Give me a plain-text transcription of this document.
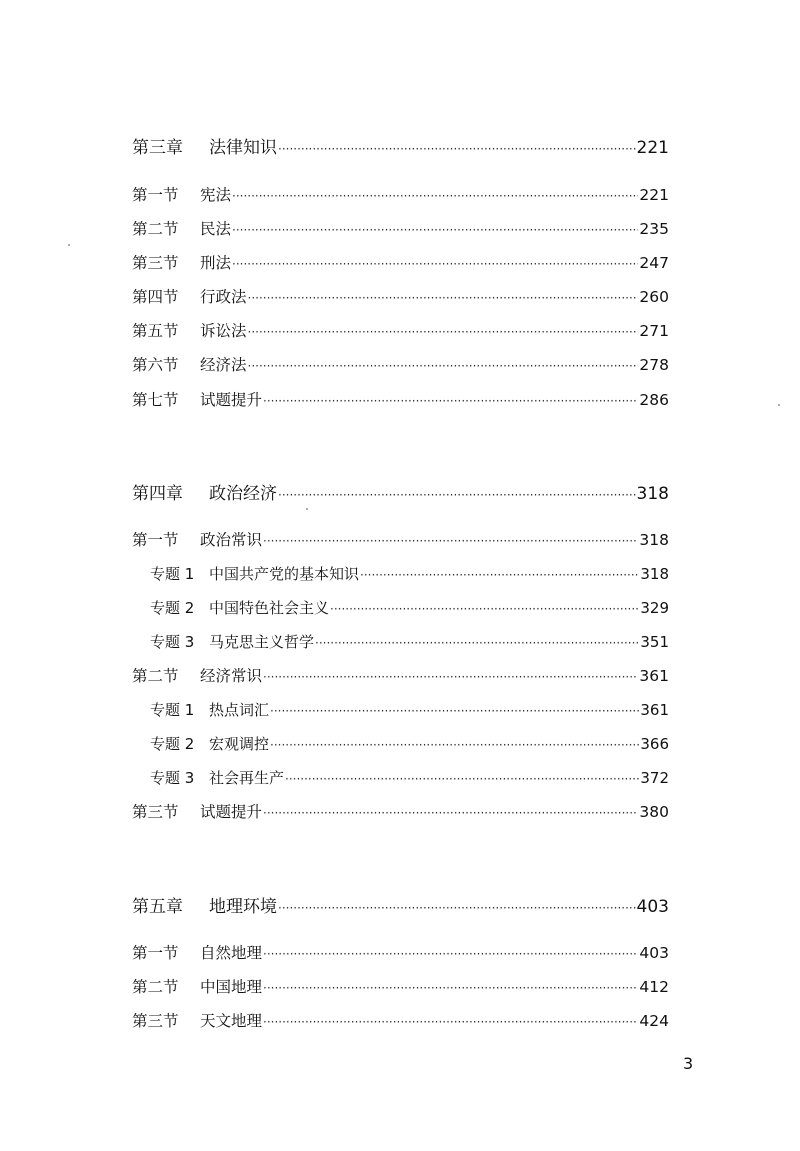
第三章	法律知识 ·····	221
第一节	宪法 ·····	221
第二节	民法 ·····	235
第三节	刑法 ·····	247
第四节	行政法 ·····	260
第五节	诉讼法 ·····	271
第六节	经济法 ·····	278
第七节	试题提升 ·····	286
第四章	政治经济 ·····	318
第一节	政治常识 ·····	318
专题 1 中国共产党的基本知识 ·····	318
专题 2 中国特色社会主义 ·····	329
专题 3 马克思主义哲学 ·····	351
第二节	经济常识 ·····	361
专题 1 热点词汇 ·····	361
专题 2 宏观调控 ·····	366
专题 3 社会再生产 ·····	372
第三节	试题提升 ·····	380
第五章	地理环境 ·····	403
第一节	自然地理 ·····	403
第二节	中国地理 ·····	412
第三节	天文地理 ·····	424
3
